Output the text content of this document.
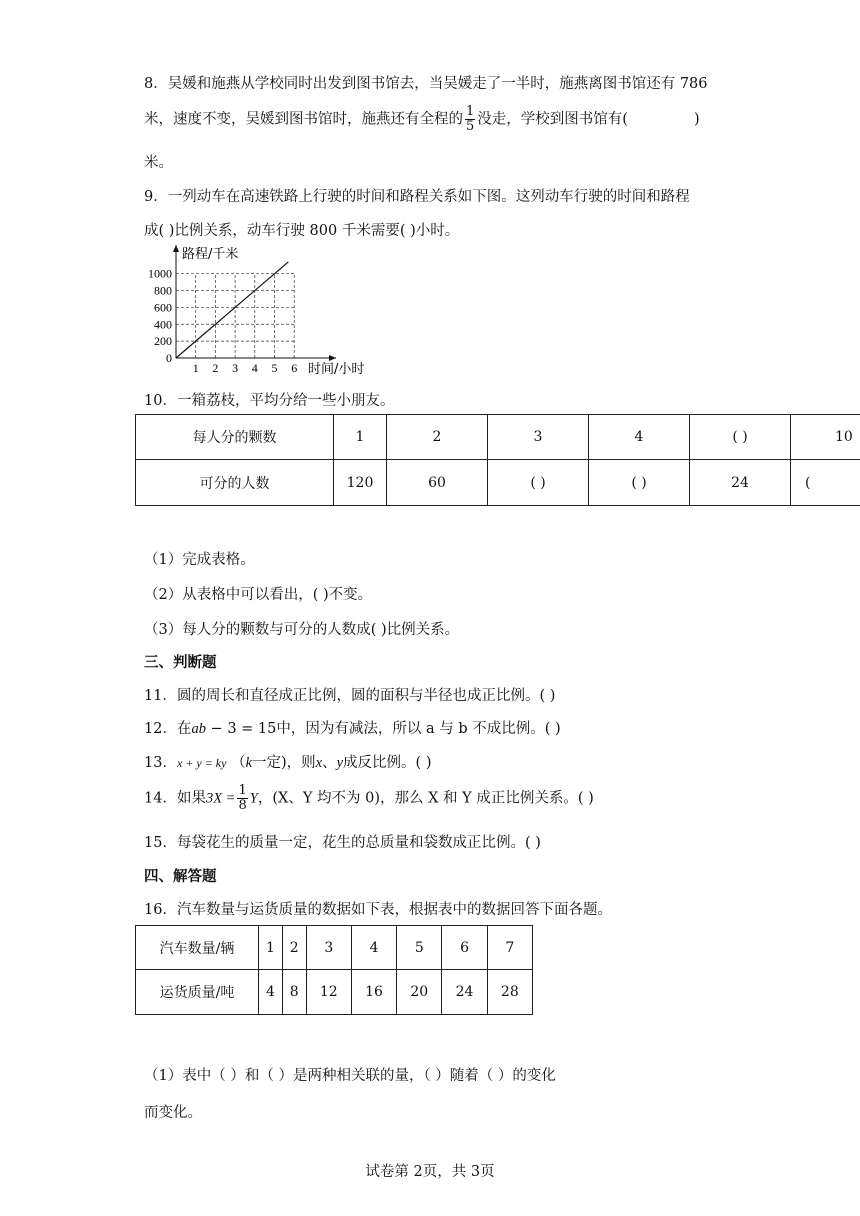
8．吴媛和施燕从学校同时出发到图书馆去，当吴媛走了一半时，施燕离图书馆还有 786
米，速度不变，吴媛到图书馆时，施燕还有全程的 $\frac{1}{5}$ 没走，学校到图书馆有(	)
米。
9．一列动车在高速铁路上行驶的时间和路程关系如下图。这列动车行驶的时间和路程
成( )比例关系，动车行驶 800 千米需要( )小时。
路程/千米
时间/小时
0
200
400
600
800
1000
1 2 3 4 5 6
10．一箱荔枝，平均分给一些小朋友。
每人分的颗数	1	2	3	4	( )	10
可分的人数	120	60	( )	( )	24	(
（1）完成表格。
（2）从表格中可以看出，( )不变。
（3）每人分的颗数与可分的人数成( )比例关系。
三、判断题
11．圆的周长和直径成正比例，圆的面积与半径也成正比例。( )
12．在ab − 3 = 15中，因为有减法，所以 a 与 b 不成比例。( )
13．x + y = ky （k一定)，则x、y成反比例。( )
14．如果$3X = \frac{1}{8}$ Y，(X、Y 均不为 0)，那么 X 和 Y 成正比例关系。( )
15．每袋花生的质量一定，花生的总质量和袋数成正比例。( )
四、解答题
16．汽车数量与运货质量的数据如下表，根据表中的数据回答下面各题。
汽车数量/辆	1	2	3	4	5	6	7
运货质量/吨	4	8	12	16	20	24	28
（1）表中（ ）和（ ）是两种相关联的量，（ ）随着（ ）的变化
而变化。
试卷第 2页，共 3页
